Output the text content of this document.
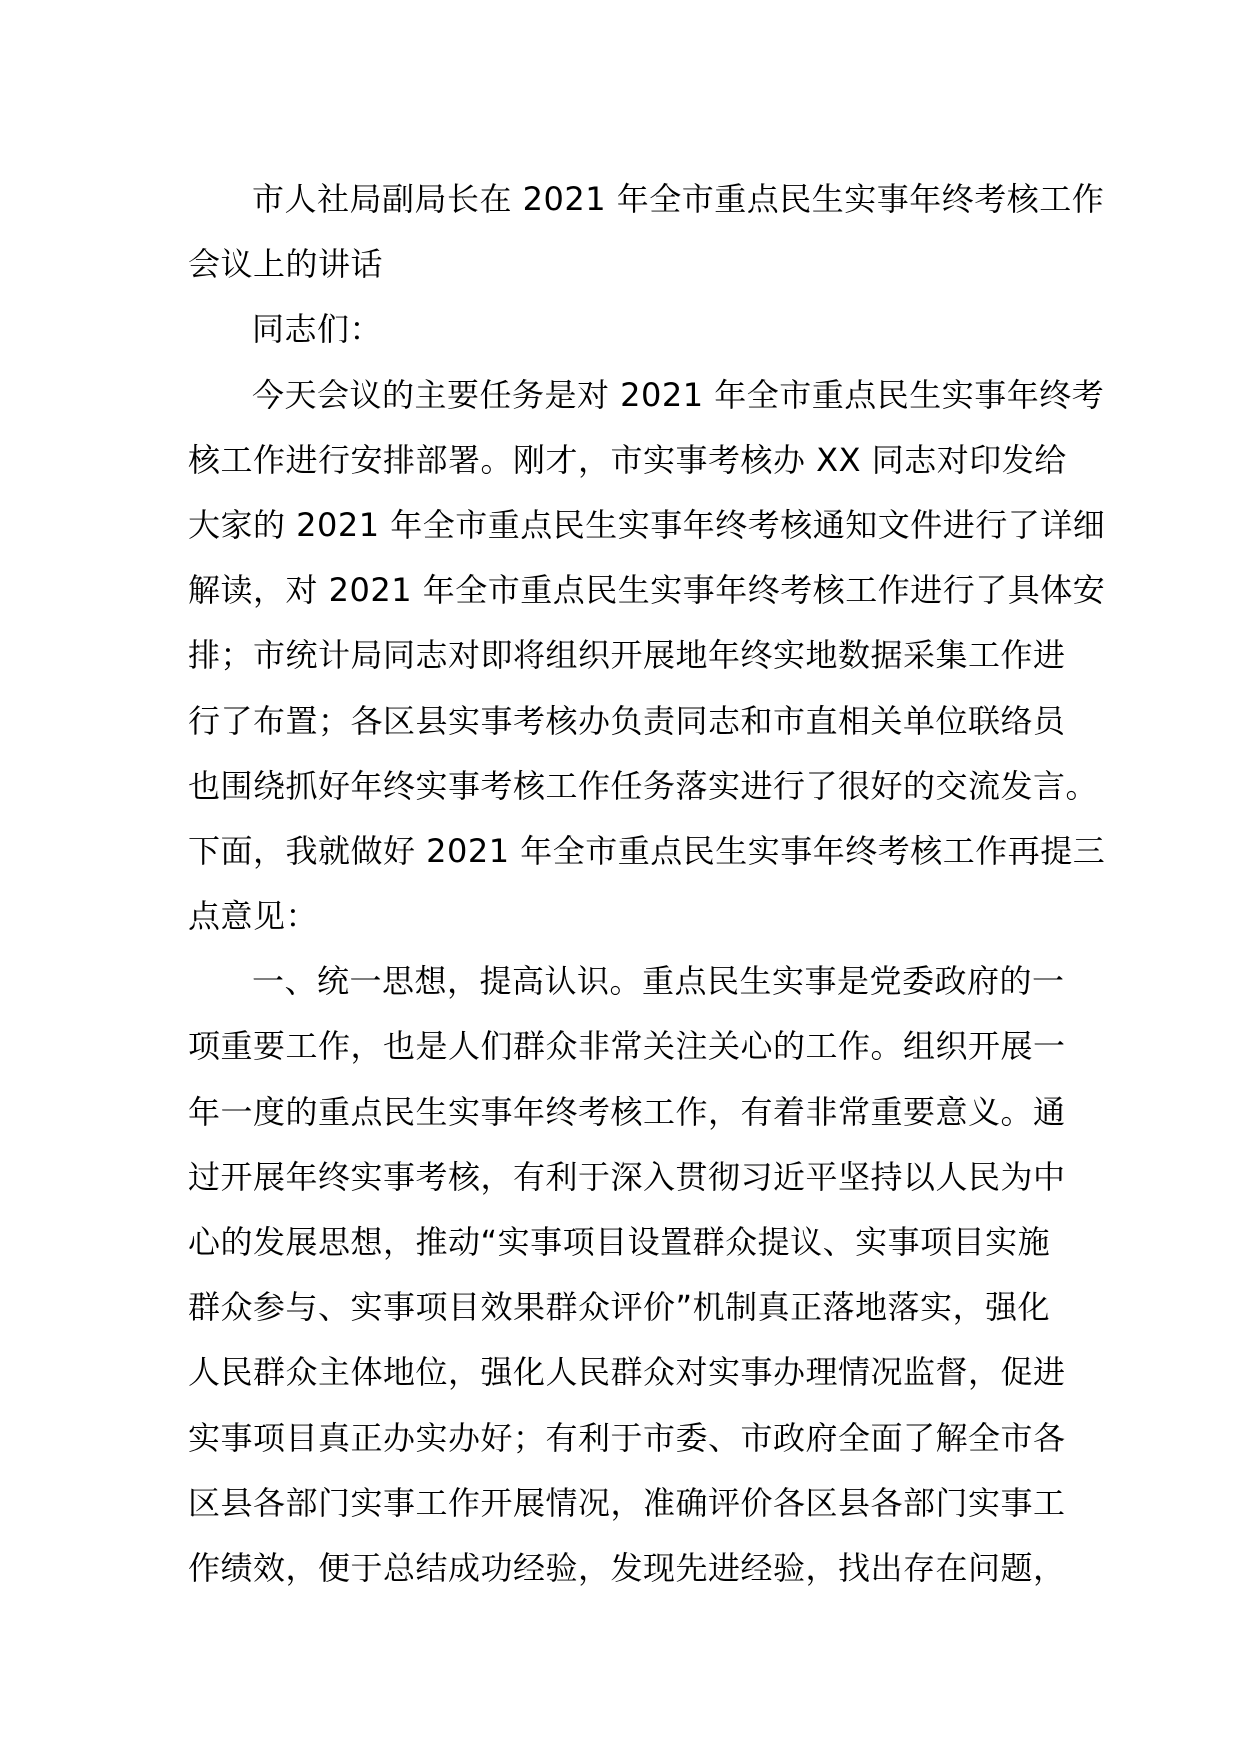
市人社局副局长在 2021 年全市重点民生实事年终考核工作
会议上的讲话
同志们：
今天会议的主要任务是对 2021 年全市重点民生实事年终考
核工作进行安排部署。刚才，市实事考核办 XX 同志对印发给
大家的 2021 年全市重点民生实事年终考核通知文件进行了详细
解读，对 2021 年全市重点民生实事年终考核工作进行了具体安
排；市统计局同志对即将组织开展地年终实地数据采集工作进
行了布置；各区县实事考核办负责同志和市直相关单位联络员
也围绕抓好年终实事考核工作任务落实进行了很好的交流发言。
下面，我就做好 2021 年全市重点民生实事年终考核工作再提三
点意见：
一、统一思想，提高认识。重点民生实事是党委政府的一
项重要工作，也是人们群众非常关注关心的工作。组织开展一
年一度的重点民生实事年终考核工作，有着非常重要意义。通
过开展年终实事考核，有利于深入贯彻习近平坚持以人民为中
心的发展思想，推动“实事项目设置群众提议、实事项目实施
群众参与、实事项目效果群众评价”机制真正落地落实，强化
人民群众主体地位，强化人民群众对实事办理情况监督，促进
实事项目真正办实办好；有利于市委、市政府全面了解全市各
区县各部门实事工作开展情况，准确评价各区县各部门实事工
作绩效，便于总结成功经验，发现先进经验，找出存在问题，
